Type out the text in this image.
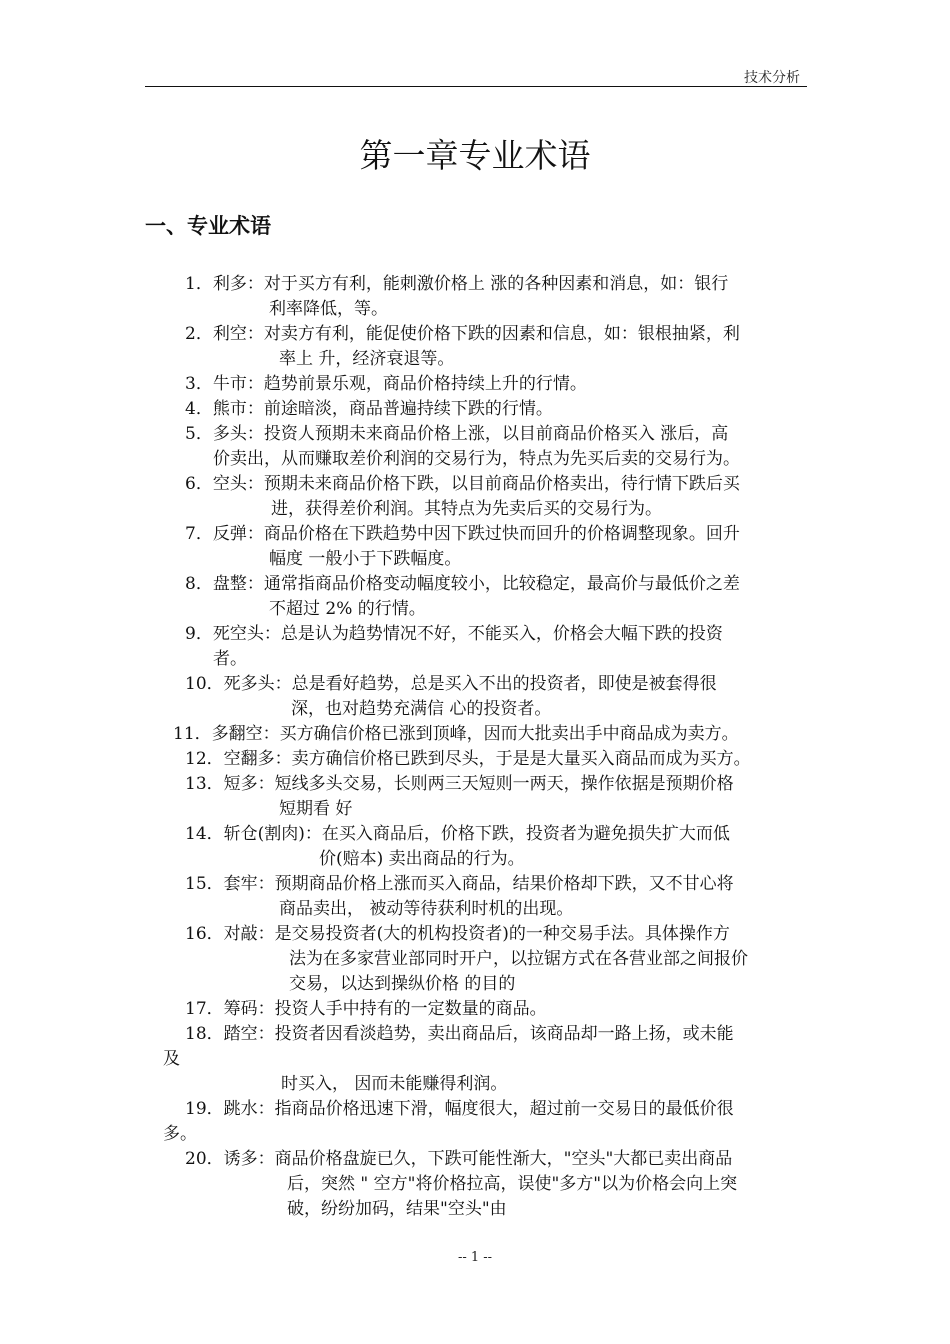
技术分析
第一章专业术语
一、专业术语

1．利多：对于买方有利，能刺激价格上 涨的各种因素和消息，如：银行
利率降低，等。

2．利空：对卖方有利，能促使价格下跌的因素和信息，如：银根抽紧，利
率上 升，经济衰退等。

3．牛市：趋势前景乐观，商品价格持续上升的行情。

4．熊市：前途暗淡，商品普遍持续下跌的行情。

5．多头：投资人预期未来商品价格上涨，以目前商品价格买入 涨后，高
价卖出，从而赚取差价利润的交易行为，特点为先买后卖的交易行为。

6．空头：预期未来商品价格下跌，以目前商品价格卖出，待行情下跌后买
进，获得差价利润。其特点为先卖后买的交易行为。

7．反弹：商品价格在下跌趋势中因下跌过快而回升的价格调整现象。回升
幅度 一般小于下跌幅度。

8．盘整：通常指商品价格变动幅度较小，比较稳定，最高价与最低价之差
不超过 2% 的行情。

9．死空头：总是认为趋势情况不好，不能买入，价格会大幅下跌的投资
者。

10．死多头：总是看好趋势，总是买入不出的投资者，即使是被套得很
深，也对趋势充满信 心的投资者。

11．多翻空：买方确信价格已涨到顶峰，因而大批卖出手中商品成为卖方。

12．空翻多：卖方确信价格已跌到尽头，于是是大量买入商品而成为买方。

13．短多：短线多头交易，长则两三天短则一两天，操作依据是预期价格
短期看 好

14．斩仓(割肉)：在买入商品后，价格下跌，投资者为避免损失扩大而低
价(赔本) 卖出商品的行为。

15．套牢：预期商品价格上涨而买入商品，结果价格却下跌，又不甘心将
商品卖出， 被动等待获利时机的出现。

16．对敲：是交易投资者(大的机构投资者)的一种交易手法。具体操作方
法为在多家营业部同时开户，以拉锯方式在各营业部之间报价
交易，以达到操纵价格 的目的

17．筹码：投资人手中持有的一定数量的商品。

18．踏空：投资者因看淡趋势，卖出商品后，该商品却一路上扬，或未能
及
时买入， 因而未能赚得利润。

19．跳水：指商品价格迅速下滑，幅度很大，超过前一交易日的最低价很
多。

20．诱多：商品价格盘旋已久，下跌可能性渐大，"空头"大都已卖出商品
后，突然 " 空方"将价格拉高，误使"多方"以为价格会向上突
破，纷纷加码，结果"空头"由

-- 1 --
